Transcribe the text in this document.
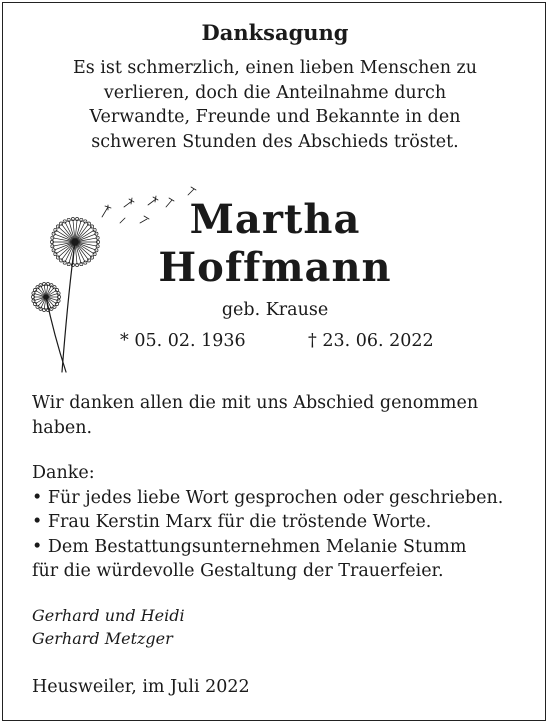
Danksagung
Es ist schmerzlich, einen lieben Menschen zu
verlieren, doch die Anteilnahme durch
Verwandte, Freunde und Bekannte in den
schweren Stunden des Abschieds tröstet.
Martha
Hoffmann
geb. Krause
* 05. 02. 1936	† 23. 06. 2022
Wir danken allen die mit uns Abschied genommen
haben.
Danke:
• Für jedes liebe Wort gesprochen oder geschrieben.
• Frau Kerstin Marx für die tröstende Worte.
• Dem Bestattungsunternehmen Melanie Stumm
für die würdevolle Gestaltung der Trauerfeier.
Gerhard und Heidi
Gerhard Metzger
Heusweiler, im Juli 2022
